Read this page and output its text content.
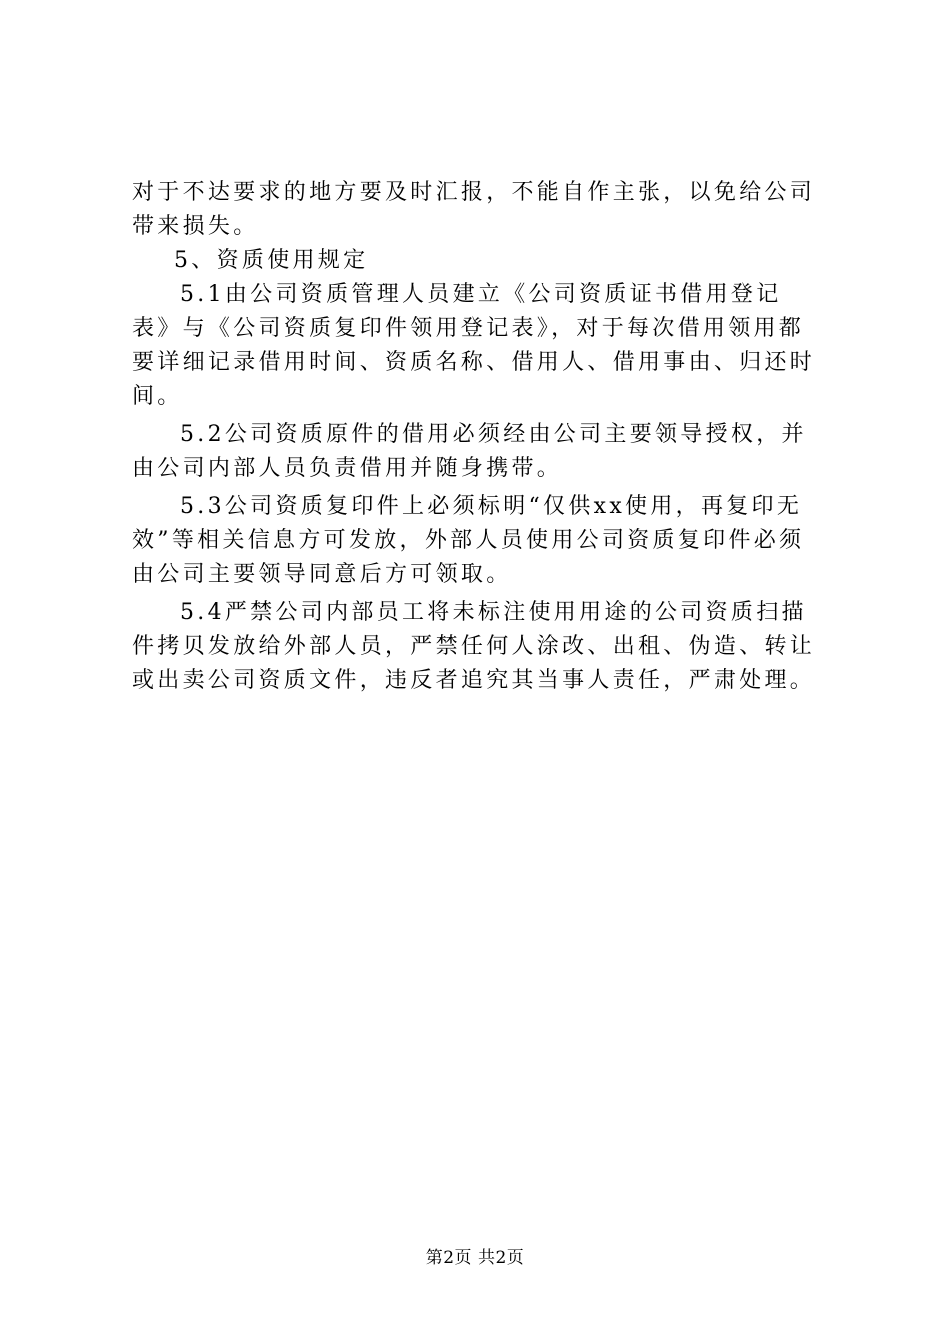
对于不达要求的地方要及时汇报，不能自作主张，以免给公司
带来损失。
5、资质使用规定
5.1由公司资质管理人员建立《公司资质证书借用登记
表》与《公司资质复印件领用登记表》，对于每次借用领用都
要详细记录借用时间、资质名称、借用人、借用事由、归还时
间。
5.2公司资质原件的借用必须经由公司主要领导授权，并
由公司内部人员负责借用并随身携带。
5.3公司资质复印件上必须标明“仅供xx使用，再复印无
效”等相关信息方可发放，外部人员使用公司资质复印件必须
由公司主要领导同意后方可领取。
5.4严禁公司内部员工将未标注使用用途的公司资质扫描
件拷贝发放给外部人员，严禁任何人涂改、出租、伪造、转让
或出卖公司资质文件，违反者追究其当事人责任，严肃处理。
第2页 共2页
